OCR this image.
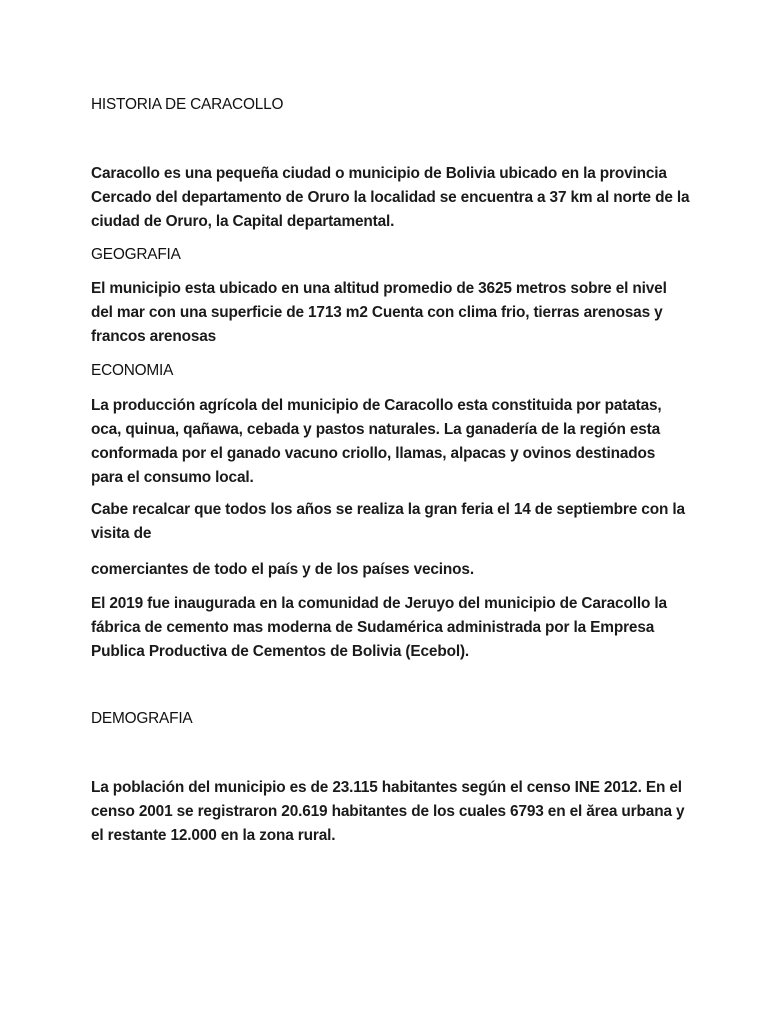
HISTORIA DE CARACOLLO

Caracollo es una pequeña ciudad o municipio de Bolivia ubicado en la provincia Cercado del departamento de Oruro la localidad se encuentra a 37 km al norte de la ciudad de Oruro, la Capital departamental.

GEOGRAFIA

El municipio esta ubicado en una altitud promedio de 3625 metros sobre el nivel del mar con una superficie de 1713 m2 Cuenta con clima frio, tierras arenosas y francos arenosas

ECONOMIA

La producción agrícola del municipio de Caracollo esta constituida por patatas, oca, quinua, qañawa, cebada y pastos naturales. La ganadería de la región esta conformada por el ganado vacuno criollo, llamas, alpacas y ovinos destinados para el consumo local.

Cabe recalcar que todos los años se realiza la gran feria el 14 de septiembre con la visita de

comerciantes de todo el país y de los países vecinos.

El 2019 fue inaugurada en la comunidad de Jeruyo del municipio de Caracollo la fábrica de cemento mas moderna de Sudamérica administrada por la Empresa Publica Productiva de Cementos de Bolivia (Ecebol).

DEMOGRAFIA

La población del municipio es de 23.115 habitantes según el censo INE 2012. En el censo 2001 se registraron 20.619 habitantes de los cuales 6793 en el ărea urbana y el restante 12.000 en la zona rural.
